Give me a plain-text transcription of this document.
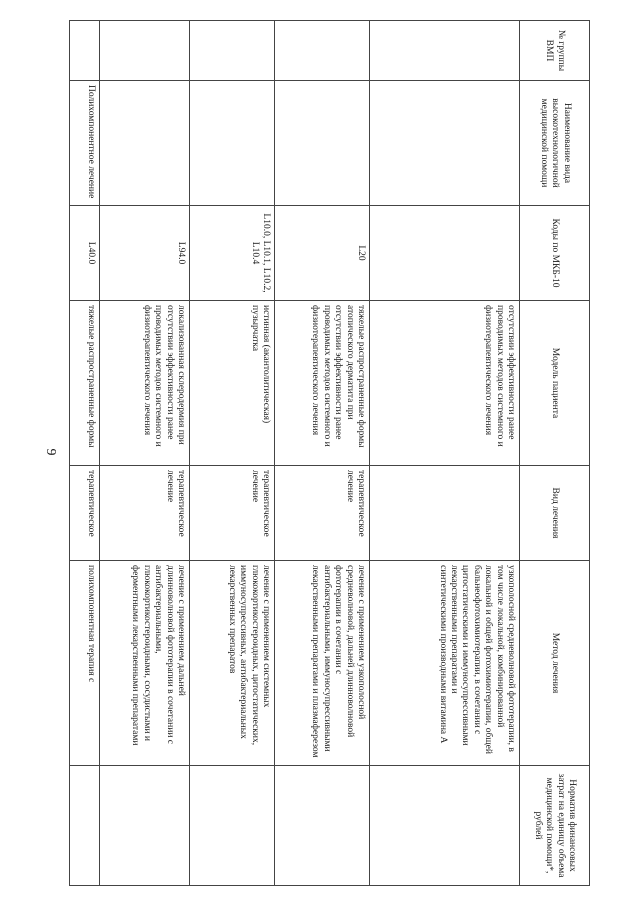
9
№ группы ВМП	Наименование вида высокотехнологичной медицинской помощи	Коды по МКБ-10	Модель пациента	Вид лечения	Метод лечения	Норматив финансовых затрат на единицу объема медицинской помощи*, рублей
			отсутствии эффективности ранее проводимых методов системного и физиотерапевтического лечения		узкополосной средневолновой фототерапии, в том числе локальной, комбинированной локальной и общей фотохимиотерапии, общей бальнеофотохимиотерапии, в сочетании с цитостатическими и иммуносупрессивными лекарственными препаратами и синтетическими производными витамина А	
		L20	тяжелые распространенные формы атопического дерматита при отсутствии эффективности ранее проводимых методов системного и физиотерапевтического лечения	терапевтическое лечение	лечение с применением узкополосной средневолновой, дальней длинноволновой фототерапии в сочетании с антибактериальными, иммуносупрессивными лекарственными препаратами и плазмаферезом	
		L10.0, L10.1, L10.2, L10.4	истинная (акантолитическая) пузырчатка	терапевтическое лечение	лечение с применением системных глюкокортикостероидных, цитостатических, иммуносупрессивных, антибактериальных лекарственных препаратов	
		L94.0	локализованная склеродермия при отсутствии эффективности ранее проводимых методов системного и физиотерапевтического лечения	терапевтическое лечение	лечение с применением дальней длинноволновой фототерапии в сочетании с антибактериальными, глюкокортикостероидными, сосудистыми и ферментными лекарственными препаратами	
	Полихомпонентное лечение	L40.0	тяжелые распространенные формы	терапевтическое	полихомпонентная терапия с	
